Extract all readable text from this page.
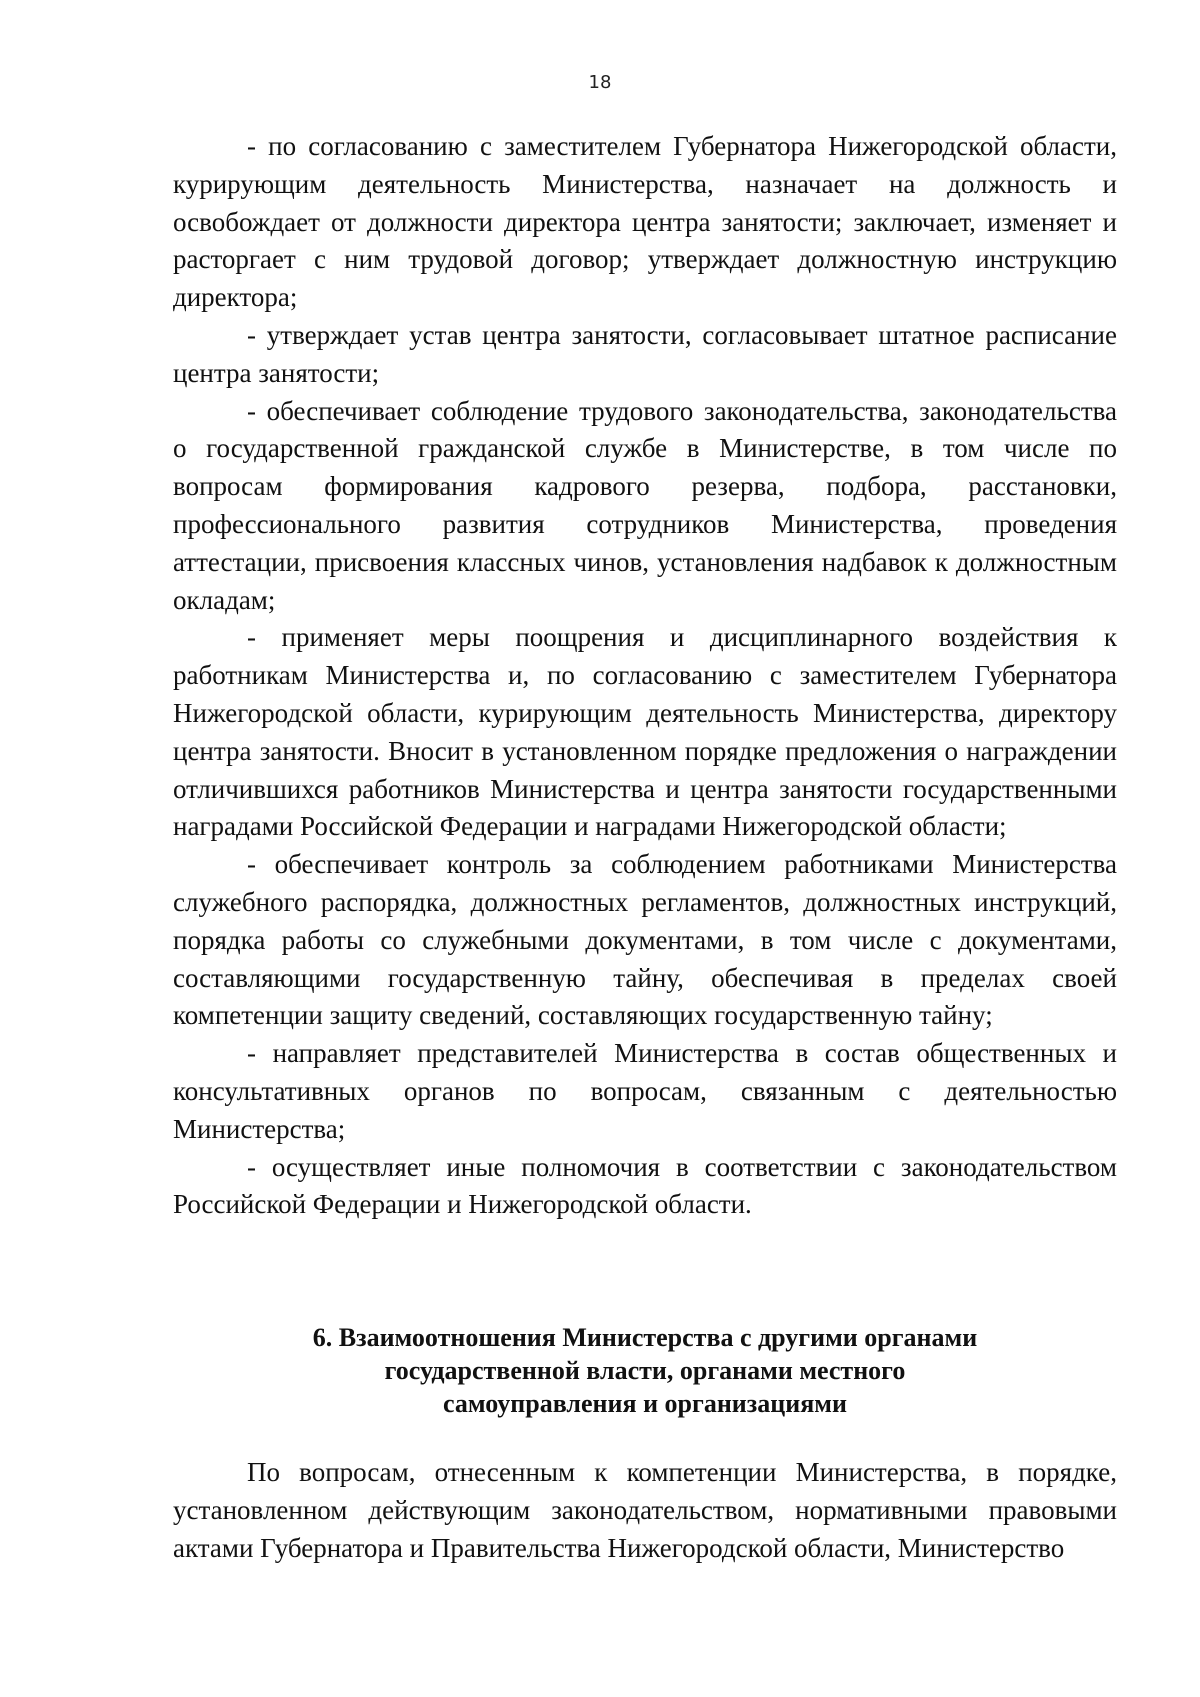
18

- по согласованию с заместителем Губернатора Нижегородской области, курирующим деятельность Министерства, назначает на должность и освобождает от должности директора центра занятости; заключает, изменяет и расторгает с ним трудовой договор; утверждает должностную инструкцию директора;

- утверждает устав центра занятости, согласовывает штатное расписание центра занятости;

- обеспечивает соблюдение трудового законодательства, законодательства о государственной гражданской службе в Министерстве, в том числе по вопросам формирования кадрового резерва, подбора, расстановки, профессионального развития сотрудников Министерства, проведения аттестации, присвоения классных чинов, установления надбавок к должностным окладам;

- применяет меры поощрения и дисциплинарного воздействия к работникам Министерства и, по согласованию с заместителем Губернатора Нижегородской области, курирующим деятельность Министерства, директору центра занятости. Вносит в установленном порядке предложения о награждении отличившихся работников Министерства и центра занятости государственными наградами Российской Федерации и наградами Нижегородской области;

- обеспечивает контроль за соблюдением работниками Министерства служебного распорядка, должностных регламентов, должностных инструкций, порядка работы со служебными документами, в том числе с документами, составляющими государственную тайну, обеспечивая в пределах своей компетенции защиту сведений, составляющих государственную тайну;

- направляет представителей Министерства в состав общественных и консультативных органов по вопросам, связанным с деятельностью Министерства;

- осуществляет иные полномочия в соответствии с законодательством Российской Федерации и Нижегородской области.

6. Взаимоотношения Министерства с другими органами
государственной власти, органами местного
самоуправления и организациями

По вопросам, отнесенным к компетенции Министерства, в порядке, установленном действующим законодательством, нормативными правовыми актами Губернатора и Правительства Нижегородской области, Министерство
